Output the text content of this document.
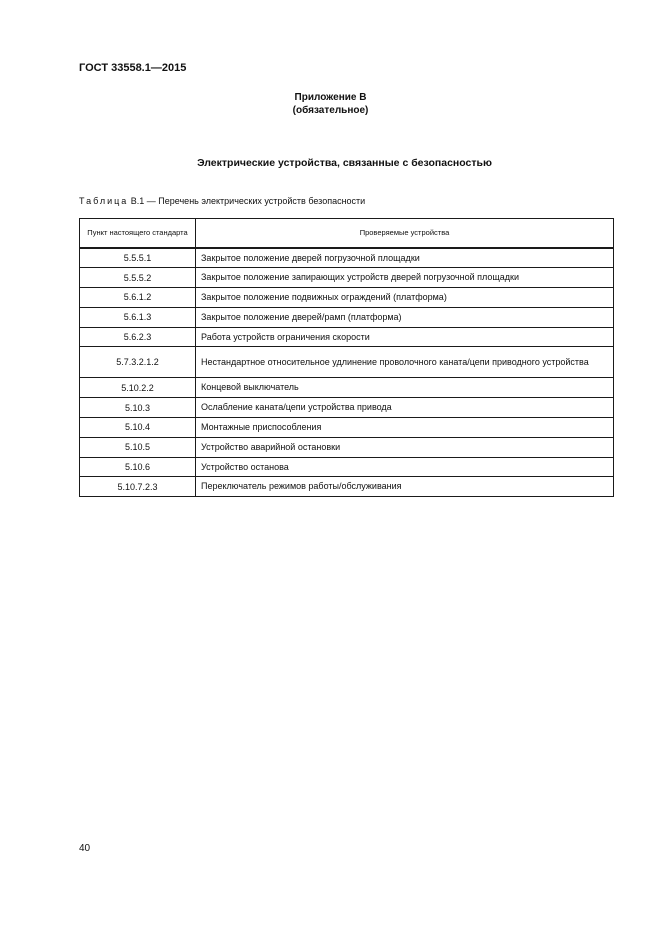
ГОСТ 33558.1—2015
Приложение В
(обязательное)
Электрические устройства, связанные с безопасностью
Таблица В.1 — Перечень электрических устройств безопасности
Пункт настоящего стандарта	Проверяемые устройства
5.5.5.1	Закрытое положение дверей погрузочной площадки
5.5.5.2	Закрытое положение запирающих устройств дверей погрузочной площадки
5.6.1.2	Закрытое положение подвижных ограждений (платформа)
5.6.1.3	Закрытое положение дверей/рамп (платформа)
5.6.2.3	Работа устройств ограничения скорости
5.7.3.2.1.2	Нестандартное относительное удлинение проволочного каната/цепи приводного устройства
5.10.2.2	Концевой выключатель
5.10.3	Ослабление каната/цепи устройства привода
5.10.4	Монтажные приспособления
5.10.5	Устройство аварийной остановки
5.10.6	Устройство останова
5.10.7.2.3	Переключатель режимов работы/обслуживания
40
